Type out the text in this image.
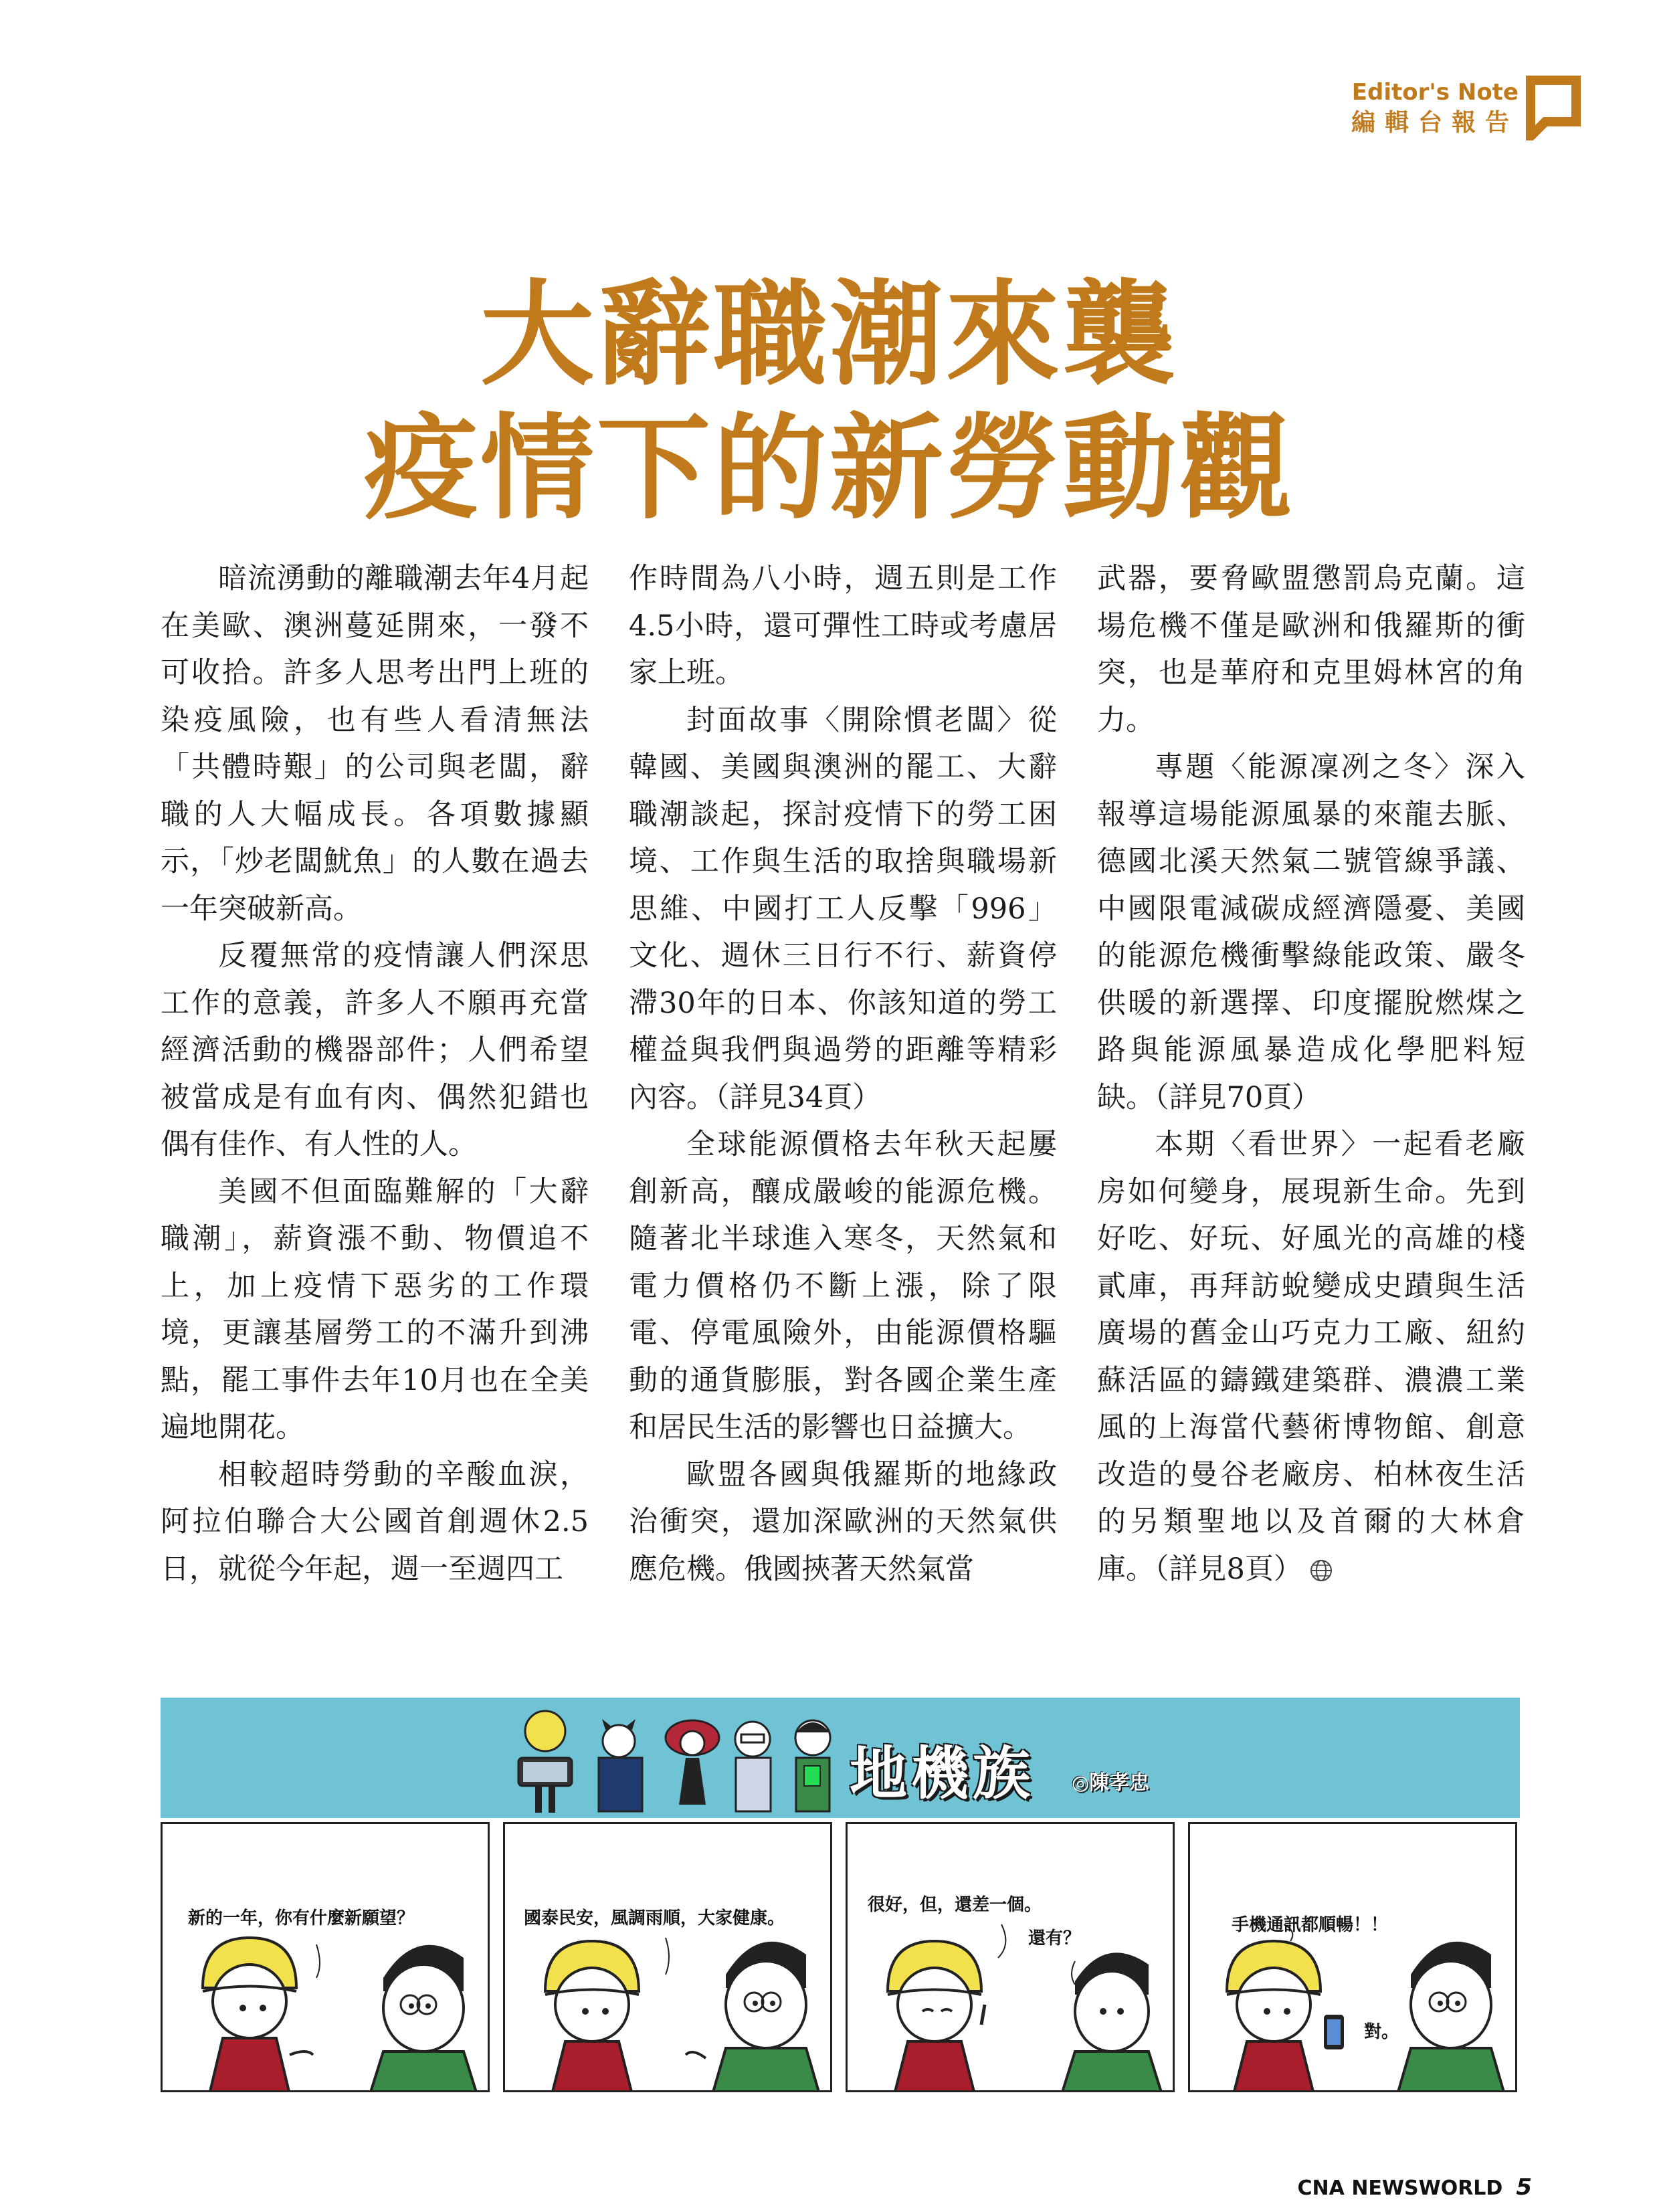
Editor's Note
編輯台報告
大辭職潮來襲
疫情下的新勞動觀

暗流湧動的離職潮去年4月起在美歐、澳洲蔓延開來，一發不可收拾。許多人思考出門上班的染疫風險，也有些人看清無法「共體時艱」的公司與老闆，辭職的人大幅成長。各項數據顯示，「炒老闆魷魚」的人數在過去一年突破新高。

反覆無常的疫情讓人們深思工作的意義，許多人不願再充當經濟活動的機器部件；人們希望被當成是有血有肉、偶然犯錯也偶有佳作、有人性的人。

美國不但面臨難解的「大辭職潮」，薪資漲不動、物價追不上，加上疫情下惡劣的工作環境，更讓基層勞工的不滿升到沸點，罷工事件去年10月也在全美遍地開花。

相較超時勞動的辛酸血淚，阿拉伯聯合大公國首創週休2.5日，就從今年起，週一至週四工

作時間為八小時，週五則是工作4.5小時，還可彈性工時或考慮居家上班。

封面故事〈開除慣老闆〉從韓國、美國與澳洲的罷工、大辭職潮談起，探討疫情下的勞工困境、工作與生活的取捨與職場新思維、中國打工人反擊「996」文化、週休三日行不行、薪資停滯30年的日本、你該知道的勞工權益與我們與過勞的距離等精彩內容。（詳見34頁）

全球能源價格去年秋天起屢創新高，釀成嚴峻的能源危機。隨著北半球進入寒冬，天然氣和電力價格仍不斷上漲，除了限電、停電風險外，由能源價格驅動的通貨膨脹，對各國企業生產和居民生活的影響也日益擴大。

歐盟各國與俄羅斯的地緣政治衝突，還加深歐洲的天然氣供應危機。俄國挾著天然氣當

武器，要脅歐盟懲罰烏克蘭。這場危機不僅是歐洲和俄羅斯的衝突，也是華府和克里姆林宮的角力。

專題〈能源凜冽之冬〉深入報導這場能源風暴的來龍去脈、德國北溪天然氣二號管線爭議、中國限電減碳成經濟隱憂、美國的能源危機衝擊綠能政策、嚴冬供暖的新選擇、印度擺脫燃煤之路與能源風暴造成化學肥料短缺。（詳見70頁）

本期〈看世界〉一起看老廠房如何變身，展現新生命。先到好吃、好玩、好風光的高雄的棧貳庫，再拜訪蛻變成史蹟與生活廣場的舊金山巧克力工廠、紐約蘇活區的鑄鐵建築群、濃濃工業風的上海當代藝術博物館、創意改造的曼谷老廠房、柏林夜生活的另類聖地以及首爾的大林倉庫。（詳見8頁）

地機族 ◎陳孝忠
新的一年，你有什麼新願望？	國泰民安，風調雨順，大家健康。
很好，但，還差一個。
還有？
手機通訊都順暢！！
對。
CNA NEWSWORLD 5
